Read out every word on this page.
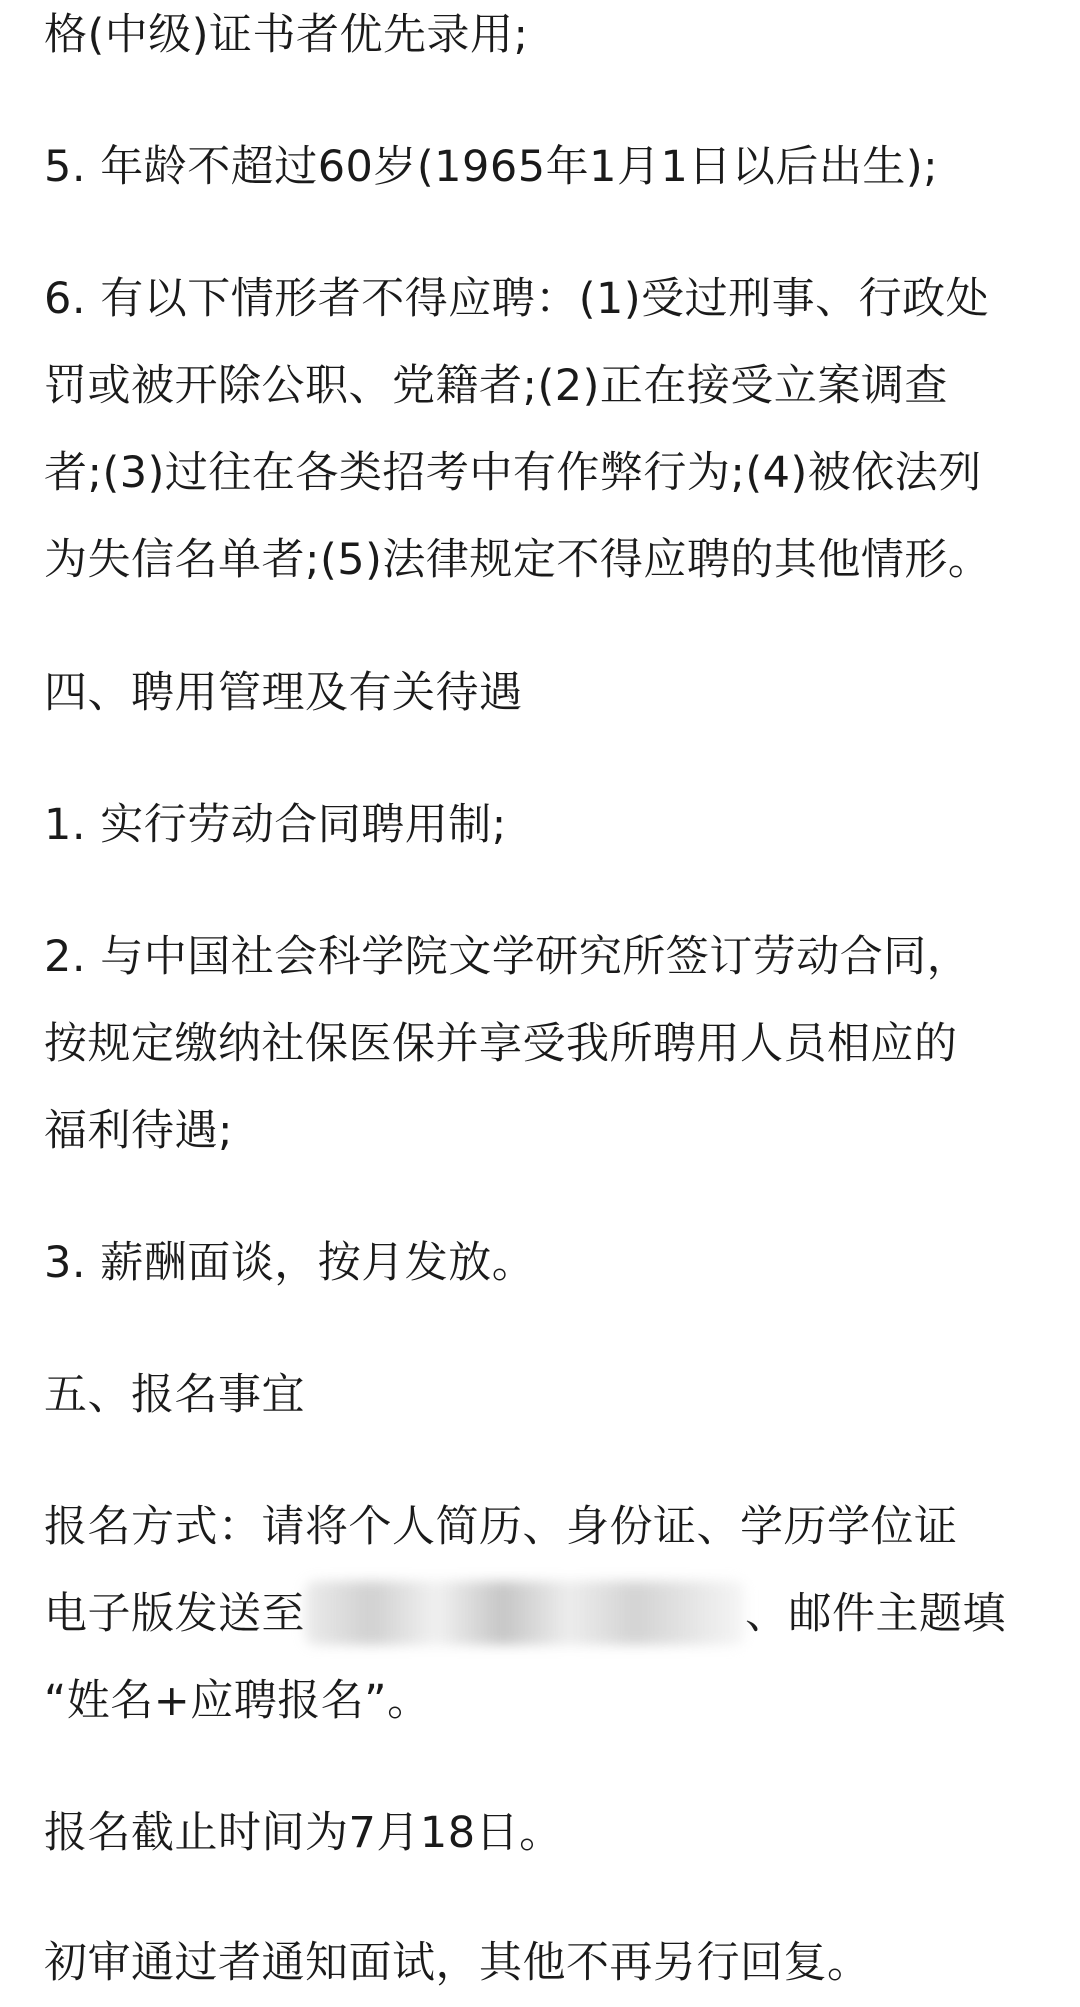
格(中级)证书者优先录用;

5. 年龄不超过60岁(1965年1月1日以后出生);

6. 有以下情形者不得应聘：(1)受过刑事、行政处
罚或被开除公职、党籍者;(2)正在接受立案调查
者;(3)过往在各类招考中有作弊行为;(4)被依法列
为失信名单者;(5)法律规定不得应聘的其他情形。

四、聘用管理及有关待遇

1. 实行劳动合同聘用制;

2. 与中国社会科学院文学研究所签订劳动合同，
按规定缴纳社保医保并享受我所聘用人员相应的
福利待遇;

3. 薪酬面谈，按月发放。

五、报名事宜

报名方式：请将个人简历、身份证、学历学位证
电子版发送至	、邮件主题填
“姓名+应聘报名”。

报名截止时间为7月18日。

初审通过者通知面试，其他不再另行回复。
